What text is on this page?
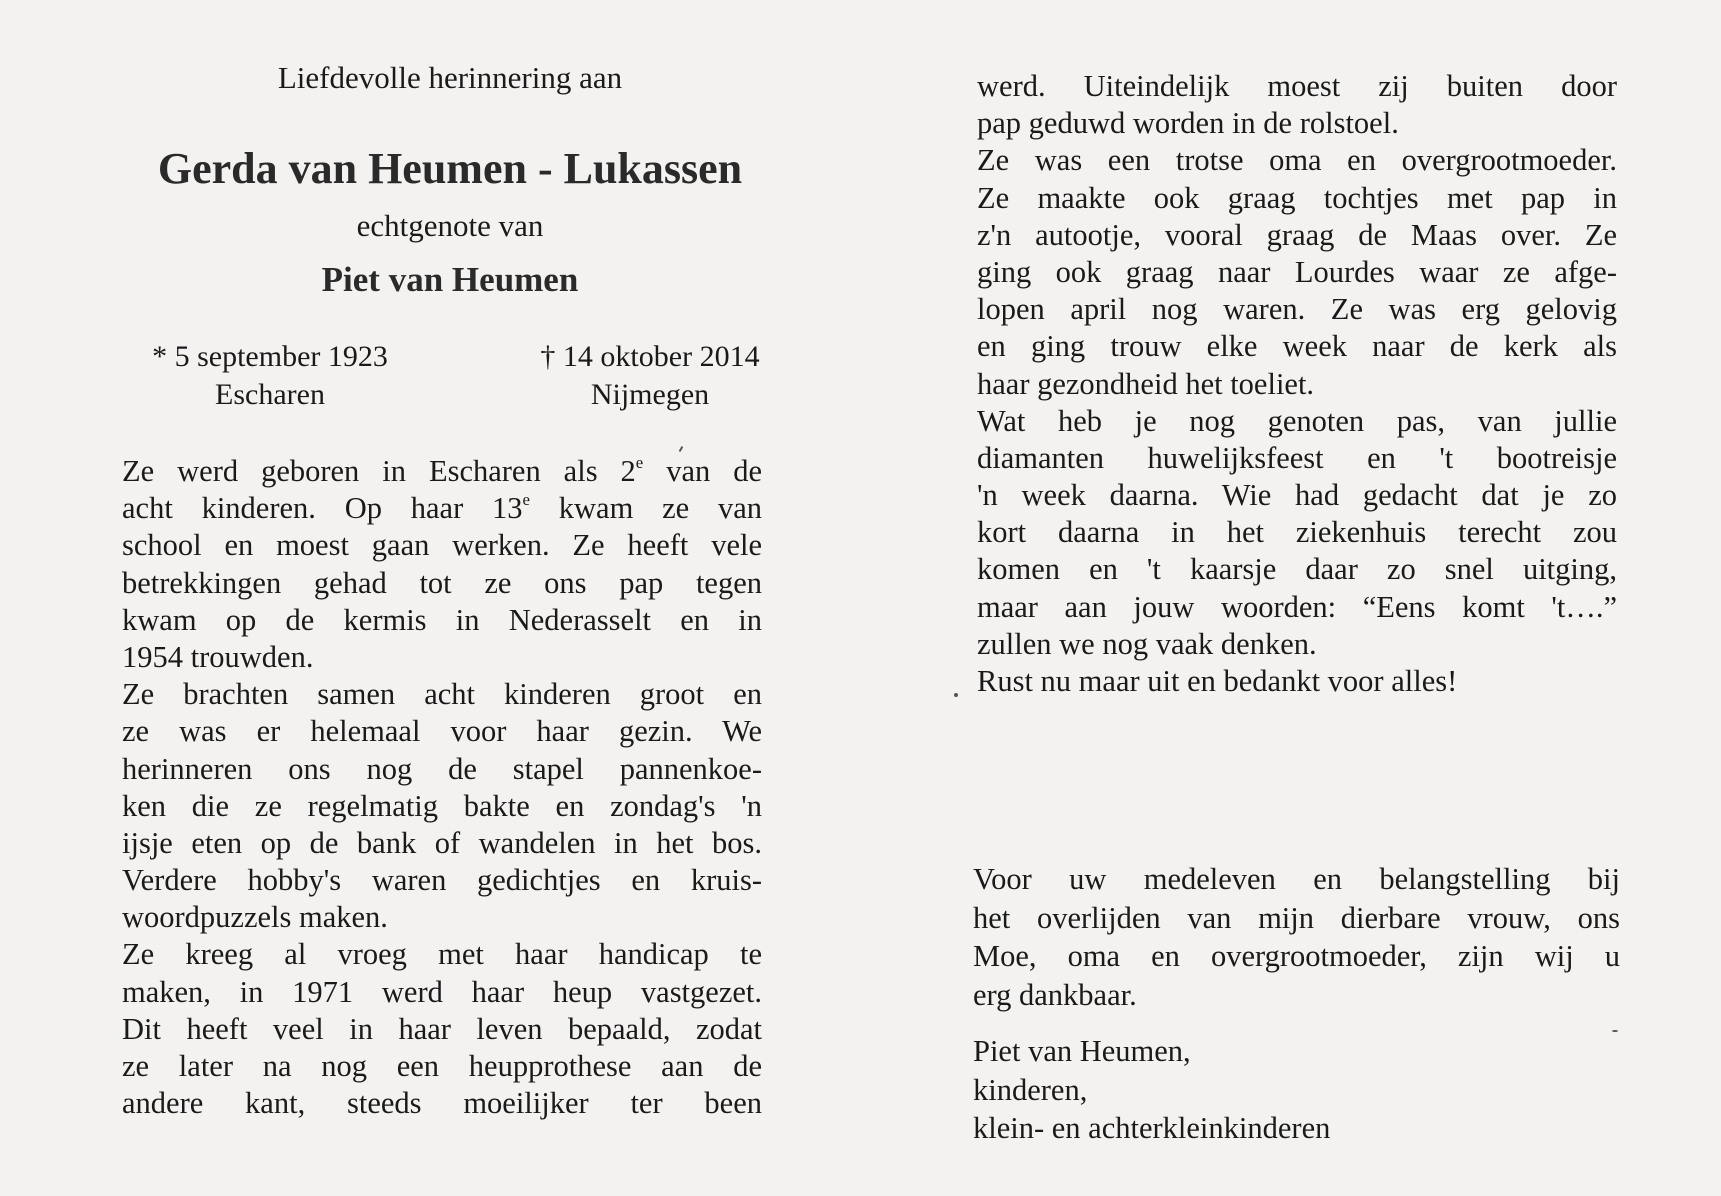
Liefdevolle herinnering aan
Gerda van Heumen - Lukassen
echtgenote van
Piet van Heumen
* 5 september 1923
Escharen
† 14 oktober 2014
Nijmegen
Ze werd geboren in Escharen als 2e van de
acht kinderen. Op haar 13e kwam ze van
school en moest gaan werken. Ze heeft vele
betrekkingen gehad tot ze ons pap tegen
kwam op de kermis in Nederasselt en in
1954 trouwden.
Ze brachten samen acht kinderen groot en
ze was er helemaal voor haar gezin. We
herinneren ons nog de stapel pannenkoe-
ken die ze regelmatig bakte en zondag's 'n
ijsje eten op de bank of wandelen in het bos.
Verdere hobby's waren gedichtjes en kruis-
woordpuzzels maken.
Ze kreeg al vroeg met haar handicap te
maken, in 1971 werd haar heup vastgezet.
Dit heeft veel in haar leven bepaald, zodat
ze later na nog een heupprothese aan de
andere kant, steeds moeilijker ter been
werd. Uiteindelijk moest zij buiten door
pap geduwd worden in de rolstoel.
Ze was een trotse oma en overgrootmoeder.
Ze maakte ook graag tochtjes met pap in
z'n autootje, vooral graag de Maas over. Ze
ging ook graag naar Lourdes waar ze afge-
lopen april nog waren. Ze was erg gelovig
en ging trouw elke week naar de kerk als
haar gezondheid het toeliet.
Wat heb je nog genoten pas, van jullie
diamanten huwelijksfeest en 't bootreisje
'n week daarna. Wie had gedacht dat je zo
kort daarna in het ziekenhuis terecht zou
komen en 't kaarsje daar zo snel uitging,
maar aan jouw woorden: “Eens komt 't….”
zullen we nog vaak denken.
Rust nu maar uit en bedankt voor alles!
Voor uw medeleven en belangstelling bij
het overlijden van mijn dierbare vrouw, ons
Moe, oma en overgrootmoeder, zijn wij u
erg dankbaar.
Piet van Heumen,
kinderen,
klein- en achterkleinkinderen
